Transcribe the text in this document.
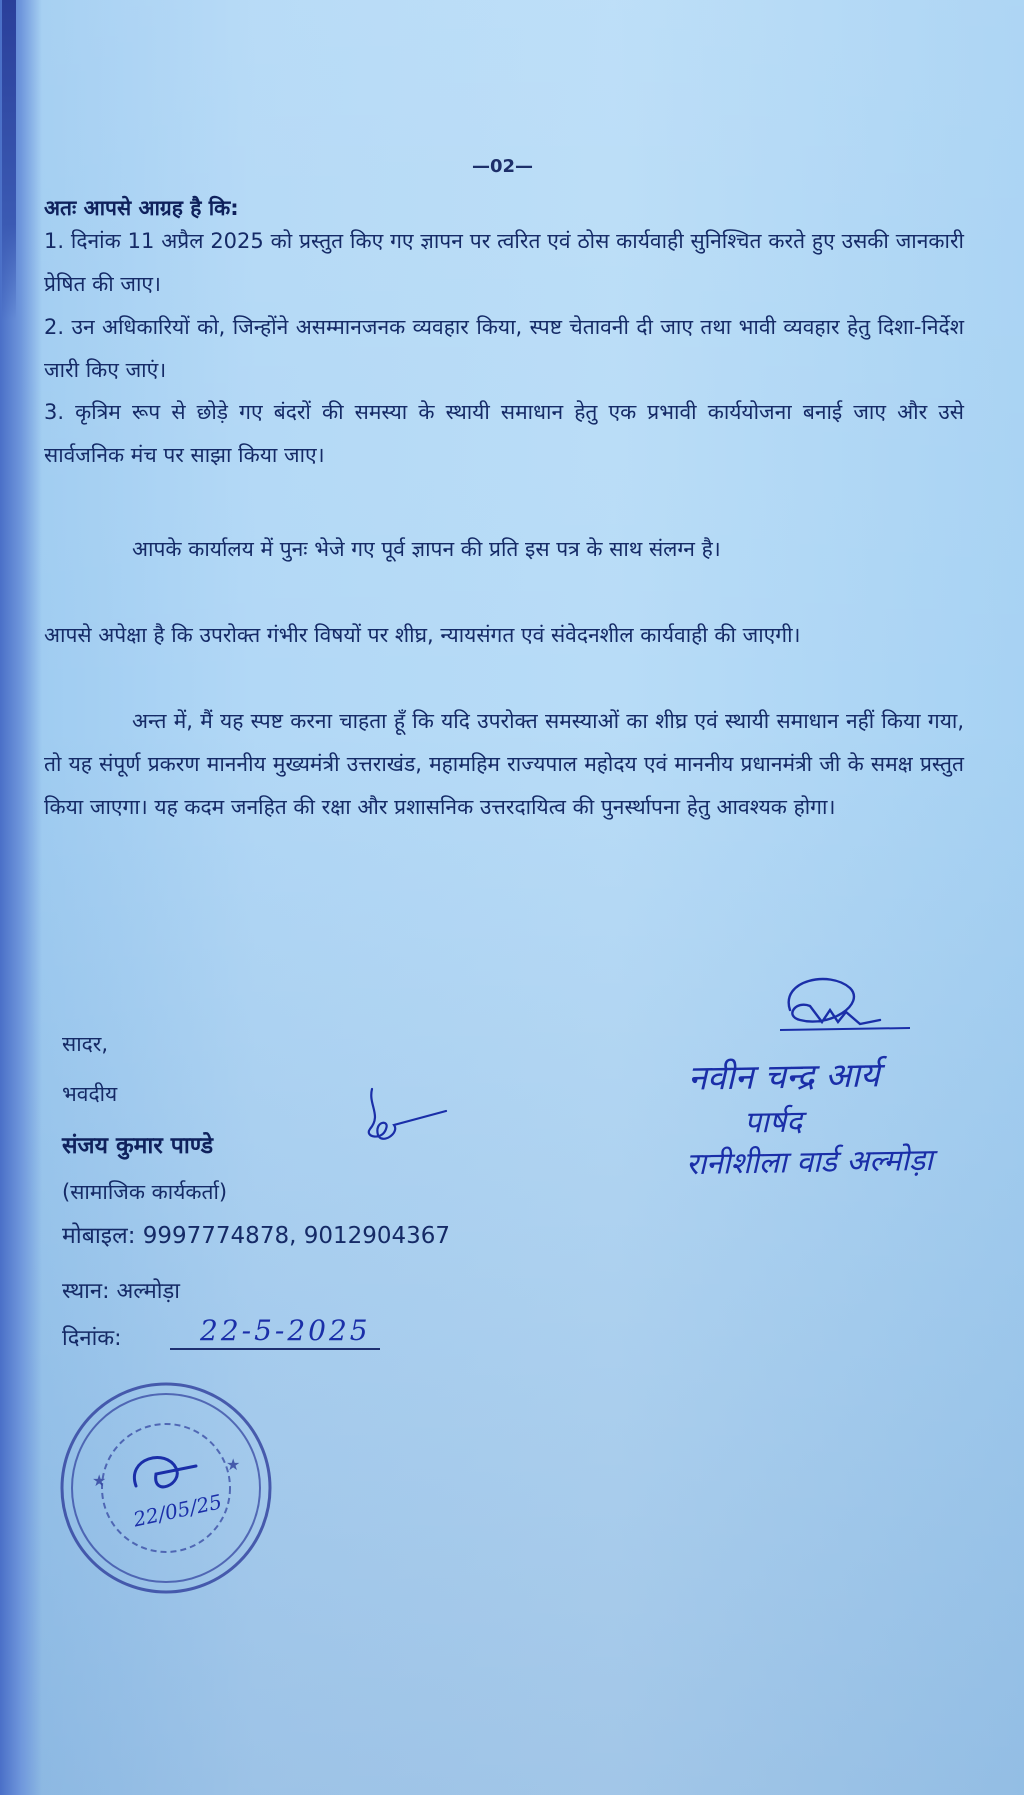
—02—
अतः आपसे आग्रह है कि:
1. दिनांक 11 अप्रैल 2025 को प्रस्तुत किए गए ज्ञापन पर त्वरित एवं ठोस कार्यवाही सुनिश्चित करते हुए उसकी जानकारी प्रेषित की जाए।
2. उन अधिकारियों को, जिन्होंने असम्मानजनक व्यवहार किया, स्पष्ट चेतावनी दी जाए तथा भावी व्यवहार हेतु दिशा-निर्देश जारी किए जाएं।
3. कृत्रिम रूप से छोड़े गए बंदरों की समस्या के स्थायी समाधान हेतु एक प्रभावी कार्ययोजना बनाई जाए और उसे सार्वजनिक मंच पर साझा किया जाए।
आपके कार्यालय में पुनः भेजे गए पूर्व ज्ञापन की प्रति इस पत्र के साथ संलग्न है।
आपसे अपेक्षा है कि उपरोक्त गंभीर विषयों पर शीघ्र, न्यायसंगत एवं संवेदनशील कार्यवाही की जाएगी।
अन्त में, मैं यह स्पष्ट करना चाहता हूँ कि यदि उपरोक्त समस्याओं का शीघ्र एवं स्थायी समाधान नहीं किया गया, तो यह संपूर्ण प्रकरण माननीय मुख्यमंत्री उत्तराखंड, महामहिम राज्यपाल महोदय एवं माननीय प्रधानमंत्री जी के समक्ष प्रस्तुत किया जाएगा। यह कदम जनहित की रक्षा और प्रशासनिक उत्तरदायित्व की पुनर्स्थापना हेतु आवश्यक होगा।
सादर,
भवदीय
संजय कुमार पाण्डे
(सामाजिक कार्यकर्ता)
मोबाइल: 9997774878, 9012904367
स्थान: अल्मोड़ा
दिनांक:	22-5-2025
नवीन चन्द्र आर्य
पार्षद
रानीशीला वार्ड अल्मोड़ा
★
★
22/05/25
